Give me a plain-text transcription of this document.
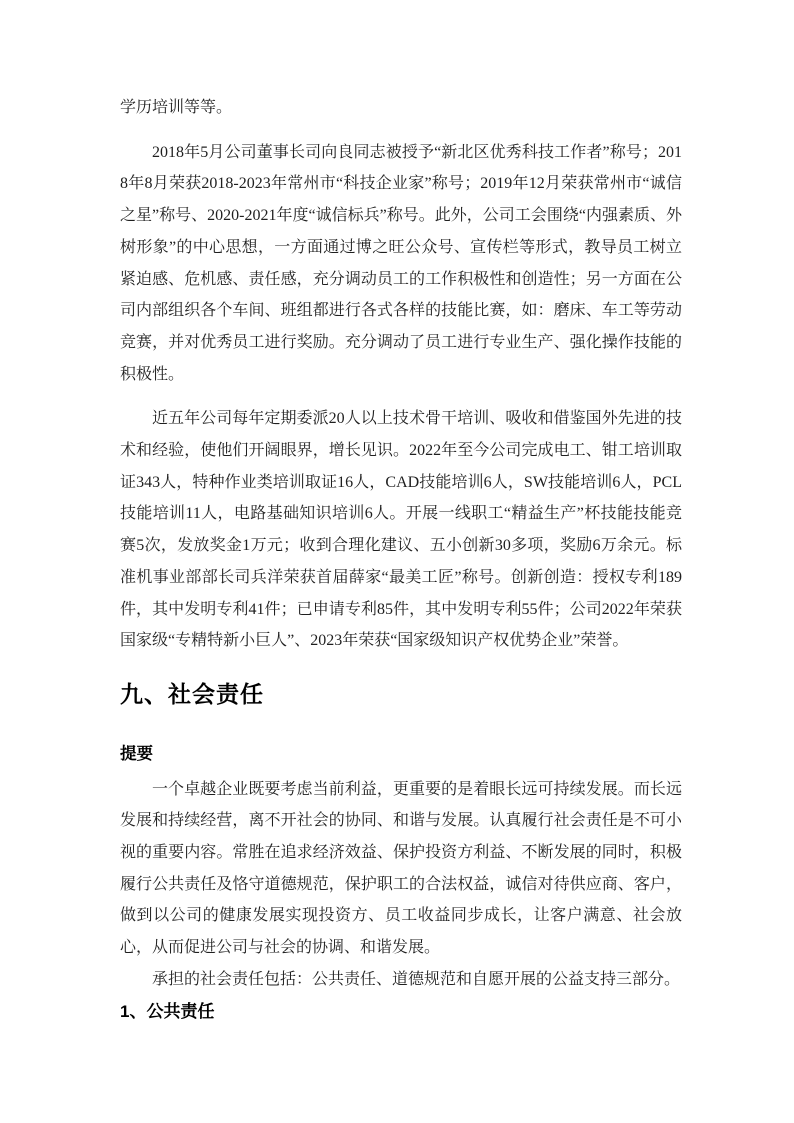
学历培训等等。

2018年5月公司董事长司向良同志被授予“新北区优秀科技工作者”称号；2018年8月荣获2018-2023年常州市“科技企业家”称号；2019年12月荣获常州市“诚信之星”称号、2020-2021年度“诚信标兵”称号。此外，公司工会围绕“内强素质、外树形象”的中心思想，一方面通过博之旺公众号、宣传栏等形式，教导员工树立紧迫感、危机感、责任感，充分调动员工的工作积极性和创造性；另一方面在公司内部组织各个车间、班组都进行各式各样的技能比赛，如：磨床、车工等劳动竞赛，并对优秀员工进行奖励。充分调动了员工进行专业生产、强化操作技能的积极性。

近五年公司每年定期委派20人以上技术骨干培训、吸收和借鉴国外先进的技术和经验，使他们开阔眼界，增长见识。2022年至今公司完成电工、钳工培训取证343人，特种作业类培训取证16人，CAD技能培训6人，SW技能培训6人，PCL技能培训11人，电路基础知识培训6人。开展一线职工“精益生产”杯技能技能竞赛5次，发放奖金1万元；收到合理化建议、五小创新30多项，奖励6万余元。标准机事业部部长司兵洋荣获首届薛家“最美工匠”称号。创新创造：授权专利189件，其中发明专利41件；已申请专利85件，其中发明专利55件；公司2022年荣获国家级“专精特新小巨人”、2023年荣获“国家级知识产权优势企业”荣誉。

九、社会责任
提要

一个卓越企业既要考虑当前利益，更重要的是着眼长远可持续发展。而长远发展和持续经营，离不开社会的协同、和谐与发展。认真履行社会责任是不可小视的重要内容。常胜在追求经济效益、保护投资方利益、不断发展的同时，积极履行公共责任及恪守道德规范，保护职工的合法权益，诚信对待供应商、客户，做到以公司的健康发展实现投资方、员工收益同步成长，让客户满意、社会放心，从而促进公司与社会的协调、和谐发展。

承担的社会责任包括：公共责任、道德规范和自愿开展的公益支持三部分。

1、公共责任
